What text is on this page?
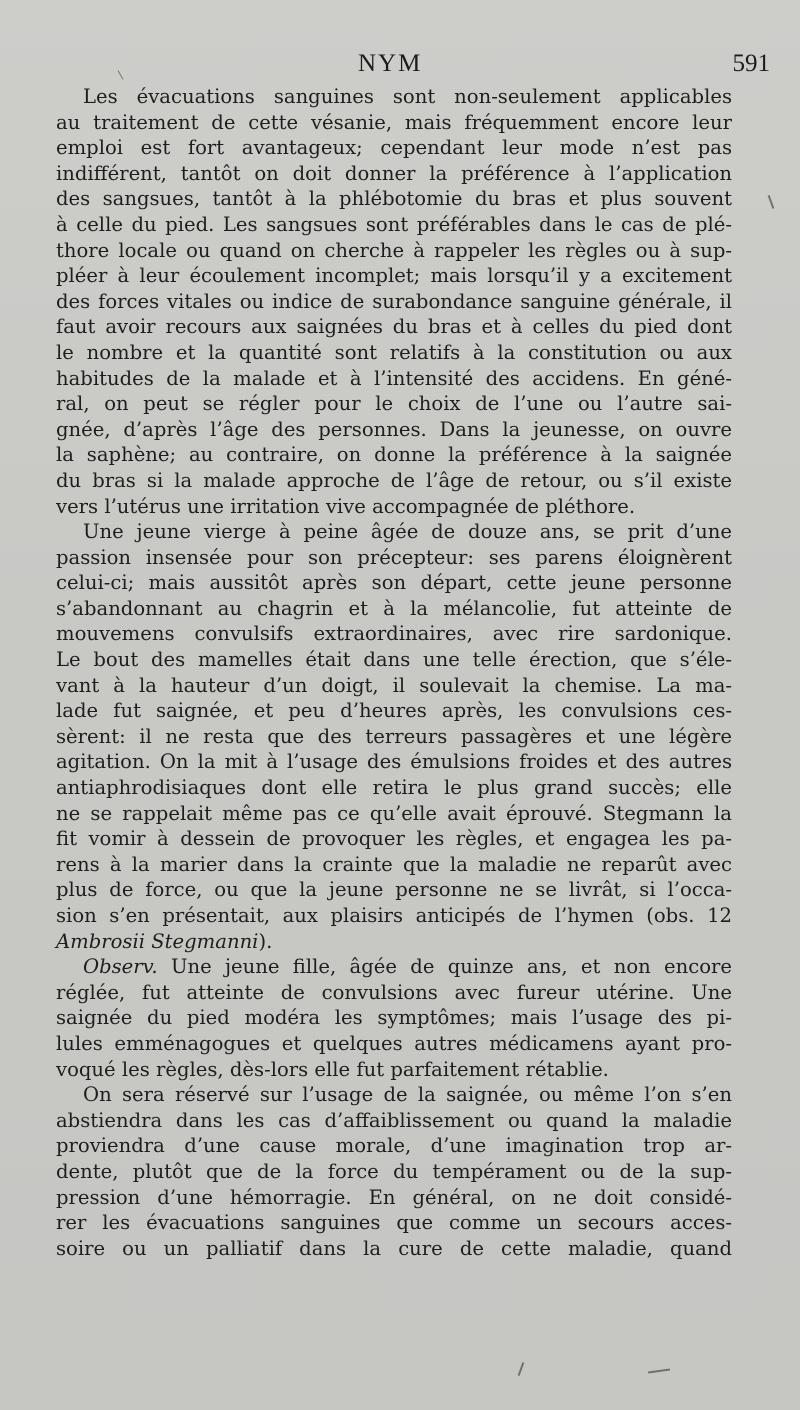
NYM	591
Les évacuations sanguines sont non-seulement applicables
au traitement de cette vésanie, mais fréquemment encore leur
emploi est fort avantageux; cependant leur mode n’est pas
indifférent, tantôt on doit donner la préférence à l’application
des sangsues, tantôt à la phlébotomie du bras et plus souvent
à celle du pied. Les sangsues sont préférables dans le cas de plé-
thore locale ou quand on cherche à rappeler les règles ou à sup-
pléer à leur écoulement incomplet; mais lorsqu’il y a excitement
des forces vitales ou indice de surabondance sanguine générale, il
faut avoir recours aux saignées du bras et à celles du pied dont
le nombre et la quantité sont relatifs à la constitution ou aux
habitudes de la malade et à l’intensité des accidens. En géné-
ral, on peut se régler pour le choix de l’une ou l’autre sai-
gnée, d’après l’âge des personnes. Dans la jeunesse, on ouvre
la saphène; au contraire, on donne la préférence à la saignée
du bras si la malade approche de l’âge de retour, ou s’il existe
vers l’utérus une irritation vive accompagnée de pléthore.
Une jeune vierge à peine âgée de douze ans, se prit d’une
passion insensée pour son précepteur: ses parens éloignèrent
celui-ci; mais aussitôt après son départ, cette jeune personne
s’abandonnant au chagrin et à la mélancolie, fut atteinte de
mouvemens convulsifs extraordinaires, avec rire sardonique.
Le bout des mamelles était dans une telle érection, que s’éle-
vant à la hauteur d’un doigt, il soulevait la chemise. La ma-
lade fut saignée, et peu d’heures après, les convulsions ces-
sèrent: il ne resta que des terreurs passagères et une légère
agitation. On la mit à l’usage des émulsions froides et des autres
antiaphrodisiaques dont elle retira le plus grand succès; elle
ne se rappelait même pas ce qu’elle avait éprouvé. Stegmann la
fit vomir à dessein de provoquer les règles, et engagea les pa-
rens à la marier dans la crainte que la maladie ne reparût avec
plus de force, ou que la jeune personne ne se livrât, si l’occa-
sion s’en présentait, aux plaisirs anticipés de l’hymen (obs. 12
Ambrosii Stegmanni).
Observ. Une jeune fille, âgée de quinze ans, et non encore
réglée, fut atteinte de convulsions avec fureur utérine. Une
saignée du pied modéra les symptômes; mais l’usage des pi-
lules emménagogues et quelques autres médicamens ayant pro-
voqué les règles, dès-lors elle fut parfaitement rétablie.
On sera réservé sur l’usage de la saignée, ou même l’on s’en
abstiendra dans les cas d’affaiblissement ou quand la maladie
proviendra d’une cause morale, d’une imagination trop ar-
dente, plutôt que de la force du tempérament ou de la sup-
pression d’une hémorragie. En général, on ne doit considé-
rer les évacuations sanguines que comme un secours acces-
soire ou un palliatif dans la cure de cette maladie, quand
